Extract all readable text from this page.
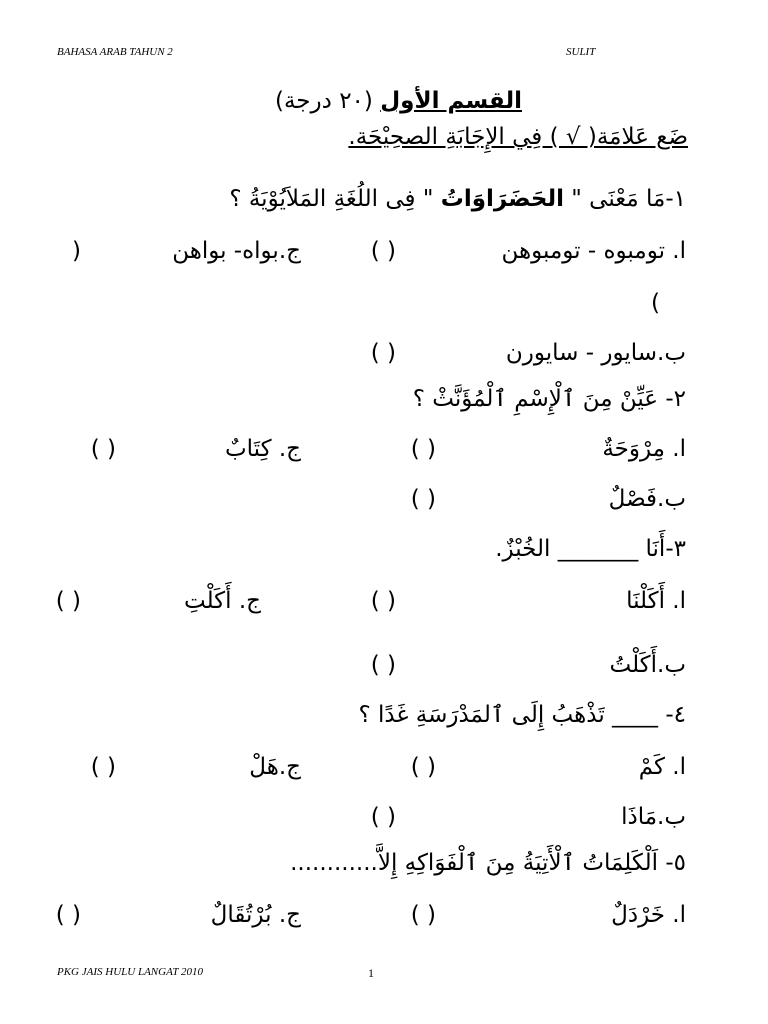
BAHASA ARAB TAHUN 2	SULIT
القسم الأول (٢٠ درجة)
ضَع عَلامَة( √ ) فِي الإِجَابَةِ الصحِيْحَة.
١-مَا مَعْنَى " الحَضَرَاوَاتُ " فِى اللُغَةِ المَلاَيُوْيَةُ ؟
ا. تومبوه - تومبوهن
( )
ج.بواه- بواهن
(
)
ب.سايور - سايورن
( )
٢- عَيِّنْ مِنَ ٱلْإِسْمِ ٱلْمُؤَنَّثْ ؟
ا. مِرْوَحَةٌ
( )
ج. كِتَابٌ
( )
ب.فَصْلٌ
( )
٣-أَنَا _______ الخُبْزٌ.
ا. أَكَلْنَا
( )
ج. أَكَلْتِ
( )
ب.أَكَلْتُ
( )
٤- ____ تَذْهَبُ إِلَى ٱلمَدْرَسَةِ غَدًا ؟
ا. كَمْ
( )
ج.هَلْ
( )
ب.مَاذَا
( )
٥- اَلْكَلِمَاتُ ٱلْأَتِيَةُ مِنَ ٱلْفَوَاكِهِ إِلاَّ............
ا. خَرْدَلٌ
( )
ج. بُرْتُقَالٌ
( )
PKG JAIS HULU LANGAT 2010	1
